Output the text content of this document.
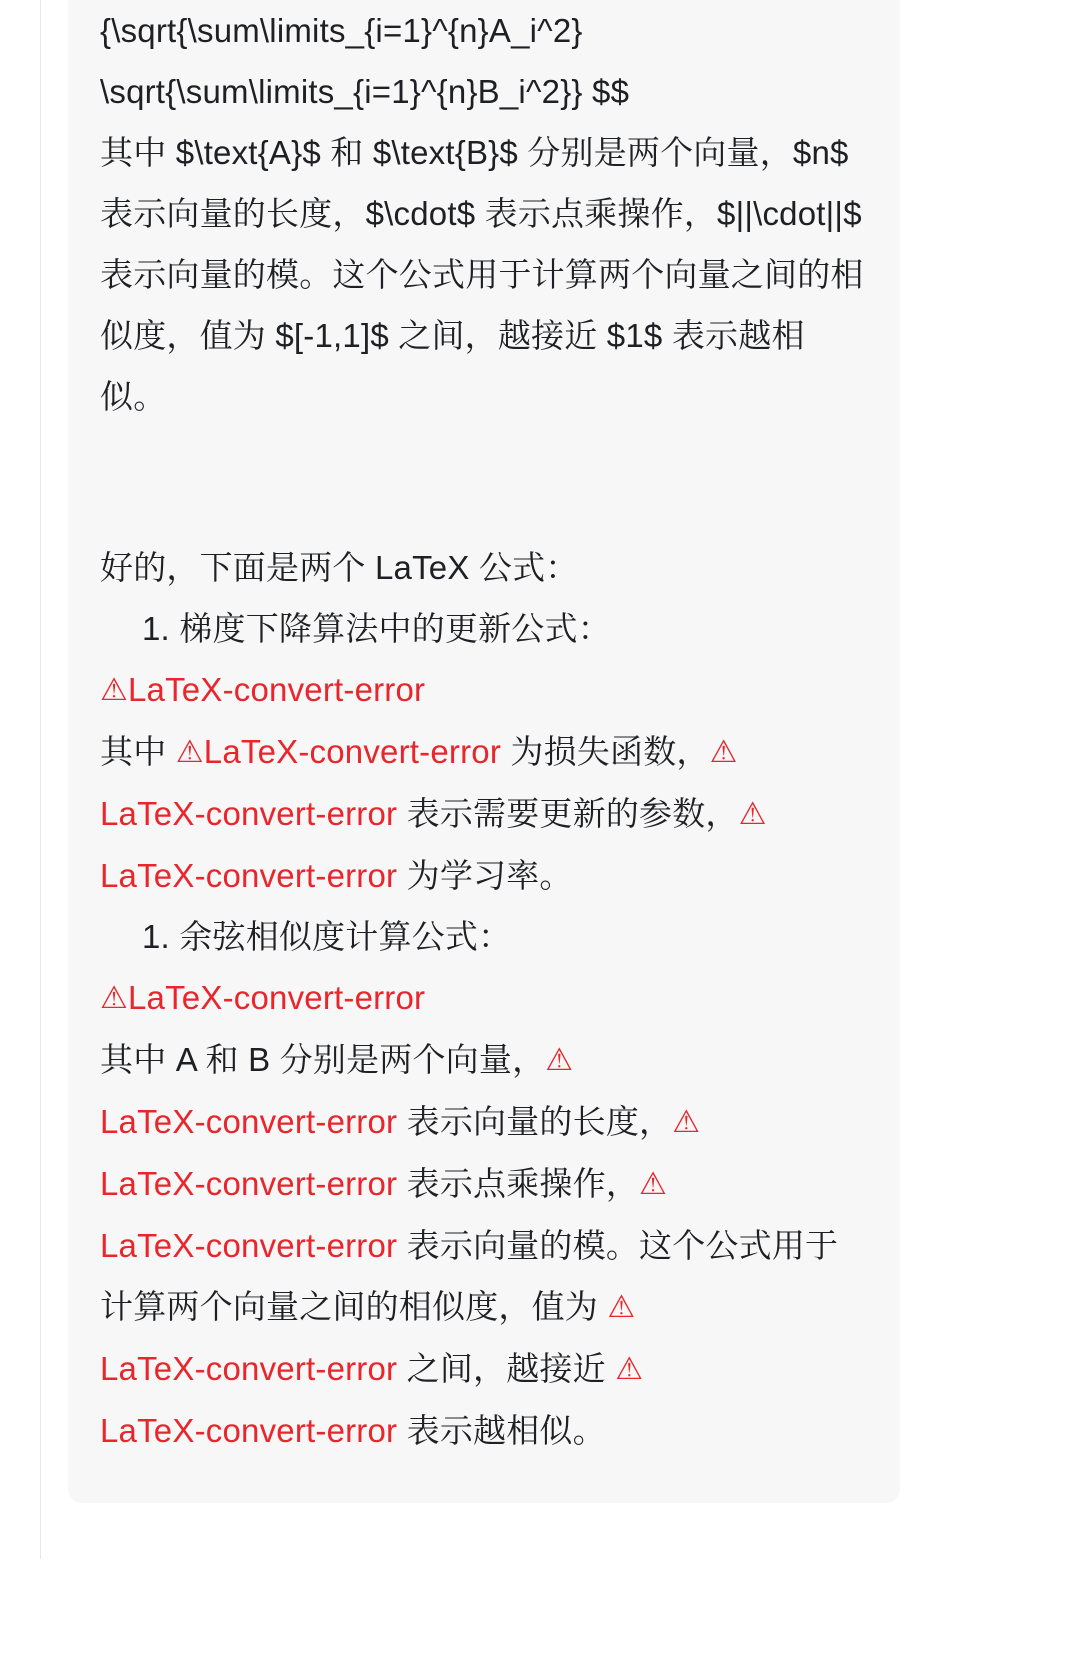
{\sqrt{\sum\limits_{i=1}^{n}A_i^2}
\sqrt{\sum\limits_{i=1}^{n}B_i^2}} $$
其中 $\text{A}$ 和 $\text{B}$ 分别是两个向量，$n$ 表示向量的长度，$\cdot$ 表示点乘操作，$||\cdot||$ 表示向量的模。这个公式用于计算两个向量之间的相似度，值为 $[-1,1]$ 之间，越接近 $1$ 表示越相似。
好的，下面是两个 LaTeX 公式：
1. 梯度下降算法中的更新公式：
⚠LaTeX-convert-error
其中 ⚠LaTeX-convert-error 为损失函数，⚠LaTeX-convert-error 表示需要更新的参数，⚠LaTeX-convert-error 为学习率。
1. 余弦相似度计算公式：
⚠LaTeX-convert-error
其中 A 和 B 分别是两个向量，⚠LaTeX-convert-error 表示向量的长度，⚠LaTeX-convert-error 表示点乘操作，⚠LaTeX-convert-error 表示向量的模。这个公式用于计算两个向量之间的相似度，值为 ⚠LaTeX-convert-error 之间，越接近 ⚠LaTeX-convert-error 表示越相似。
